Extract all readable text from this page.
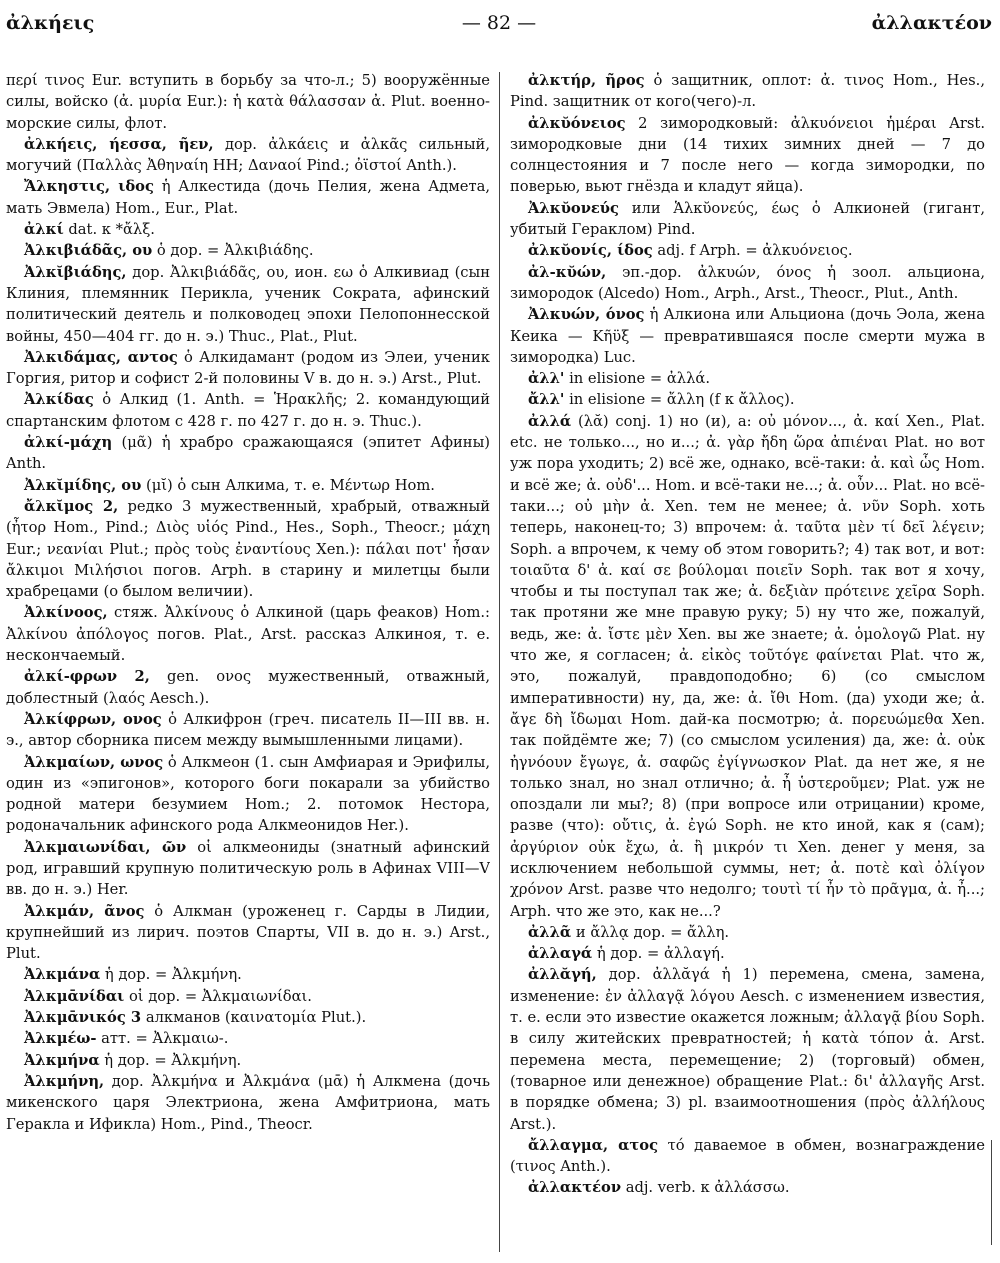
ἀλκήεις	— 82 —	ἀλλακτέον

περί τινος Eur. вступить в борьбу за что-л.; 5) вооружённые силы, войско (ἀ. μυρία Eur.): ἡ κατὰ θάλασσαν ἀ. Plut. военно-морские силы, флот.

ἀλκήεις, ήεσσα, ῆεν, дор. ἀλκάεις и ἀλκᾶς сильный, могучий (Παλλὰς Ἀθηναίη HH; Δαναοί Pind.; ὀϊστοί Anth.).

Ἄλκηστις, ιδος ἡ Алкестида (дочь Пелия, жена Адмета, мать Эвмела) Hom., Eur., Plat.

ἀλκί dat. к *ἄλξ.

Ἀλκιβιάδᾶς, ου ὁ дор. = Ἀλκιβιάδης.

Ἀλκῐβιάδης, дор. Ἀλκιβιάδᾶς, ου, ион. εω ὁ Алкивиад (сын Клиния, племянник Перикла, ученик Сократа, афинский политический деятель и полководец эпохи Пелопоннесской войны, 450—404 гг. до н. э.) Thuc., Plat., Plut.

Ἀλκιδάμας, αντος ὁ Алкидамант (родом из Элеи, ученик Горгия, ритор и софист 2-й половины V в. до н. э.) Arst., Plut.

Ἀλκίδας ὁ Алкид (1. Anth. = Ἡρακλῆς; 2. командующий спартанским флотом с 428 г. по 427 г. до н. э. Thuc.).

ἀλκί-μάχη (μᾶ) ἡ храбро сражающаяся (эпитет Афины) Anth.

Ἀλκῐμίδης, ου (μῐ) ὁ сын Алкима, т. е. Μέντωρ Hom.

ἄλκῐμος 2, редко 3 мужественный, храбрый, отважный (ἦτορ Hom., Pind.; Διὸς υἱός Pind., Hes., Soph., Theocr.; μάχη Eur.; νεανίαι Plut.; πρὸς τοὺς ἐναντίους Xen.): πάλαι ποτ' ἦσαν ἄλκιμοι Μιλήσιοι погов. Arph. в старину и милетцы были храбрецами (о былом величии).

Ἀλκίνοος, стяж. Ἀλκίνους ὁ Алкиной (царь феаков) Hom.: Ἀλκίνου ἀπόλογος погов. Plat., Arst. рассказ Алкиноя, т. е. нескончаемый.

ἀλκί-φρων 2, gen. ονος мужественный, отважный, доблестный (λαός Aesch.).

Ἀλκίφρων, ονος ὁ Алкифрон (греч. писатель II—III вв. н. э., автор сборника писем между вымышленными лицами).

Ἀλκμαίων, ωνος ὁ Алкмеон (1. сын Амфиарая и Эрифилы, один из «эпигонов», которого боги покарали за убийство родной матери безумием Hom.; 2. потомок Нестора, родоначальник афинского рода Алкмеонидов Her.).

Ἀλκμαιωνίδαι, ῶν οἱ алкмеониды (знатный афинский род, игравший крупную политическую роль в Афинах VIII—V вв. до н. э.) Her.

Ἀλκμάν, ᾶνος ὁ Алкман (уроженец г. Сарды в Лидии, крупнейший из лирич. поэтов Спарты, VII в. до н. э.) Arst., Plut.

Ἀλκμάνα ἡ дор. = Ἀλκμήνη.

Ἀλκμᾱνίδαι οἱ дор. = Ἀλκμαιωνίδαι.

Ἀλκμᾱνικός 3 алкманов (καινατομία Plut.).

Ἀλκμέω- атт. = Ἀλκμαιω-.

Ἀλκμήνα ἡ дор. = Ἀλκμήνη.

Ἀλκμήνη, дор. Ἀλκμήνα и Ἀλκμάνα (μᾱ) ἡ Алкмена (дочь микенского царя Электриона, жена Амфитриона, мать Геракла и Ификла) Hom., Pind., Theocr.

ἀλκτήρ, ῆρος ὁ защитник, оплот: ἀ. τινος Hom., Hes., Pind. защитник от кого(чего)-л.

ἀλκῠόνειος 2 зимородковый: ἀλκυόνειοι ἡμέραι Arst. зимородковые дни (14 тихих зимних дней — 7 до солнцестояния и 7 после него — когда зимородки, по поверью, вьют гнёзда и кладут яйца).

Ἀλκῠονεύς или Ἁλκῠονεύς, έως ὁ Алкионей (гигант, убитый Гераклом) Pind.

ἀλκῠονίς, ίδος adj. f Arph. = ἀλκυόνειος.

ἀλ-κῠών, эп.-дор. ἀλκυών, όνος ἡ зоол. альциона, зимородок (Alcedo) Hom., Arph., Arst., Theocr., Plut., Anth.

Ἀλκυών, όνος ἡ Алкиона или Альциона (дочь Эола, жена Кеика — Κῆϋξ — превратившаяся после смерти мужа в зимородка) Luc.

ἀλλ' in elisione = ἀλλά.

ἄλλ' in elisione = ἄλλη (f к ἄλλος).

ἀλλά (λᾰ) conj. 1) но (и), а: οὐ μόνον..., ἀ. καί Xen., Plat. etc. не только..., но и...; ἀ. γὰρ ἤδη ὥρα ἀπιέναι Plat. но вот уж пора уходить; 2) всё же, однако, всё-таки: ἀ. καὶ ὧς Hom. и всё же; ἀ. οὐδ'... Hom. и всё-таки не...; ἀ. οὖν... Plat. но всё-таки...; οὐ μὴν ἀ. Xen. тем не менее; ἀ. νῦν Soph. хоть теперь, наконец-то; 3) впрочем: ἀ. ταῦτα μὲν τί δεῖ λέγειν; Soph. а впрочем, к чему об этом говорить?; 4) так вот, и вот: τοιαῦτα δ' ἀ. καί σε βούλομαι ποιεῖν Soph. так вот я хочу, чтобы и ты поступал так же; ἀ. δεξιὰν πρότεινε χεῖρα Soph. так протяни же мне правую руку; 5) ну что же, пожалуй, ведь, же: ἀ. ἴστε μὲν Xen. вы же знаете; ἀ. ὁμολογῶ Plat. ну что же, я согласен; ἀ. εἰκὸς τοῦτόγε φαίνεται Plat. что ж, это, пожалуй, правдоподобно; 6) (со смыслом императивности) ну, да, же: ἀ. ἴθι Hom. (да) уходи же; ἀ. ἄγε δὴ ἴδωμαι Hom. дай-ка посмотрю; ἀ. πορευώμεθα Xen. так пойдёмте же; 7) (со смыслом усиления) да, же: ἀ. οὐκ ἠγνόουν ἔγωγε, ἀ. σαφῶς ἐγίγνωσκον Plat. да нет же, я не только знал, но знал отлично; ἀ. ἦ ὑστεροῦμεν; Plat. уж не опоздали ли мы?; 8) (при вопросе или отрицании) кроме, разве (что): οὔτις, ἀ. ἐγώ Soph. не кто иной, как я (сам); ἀργύριον οὐκ ἔχω, ἀ. ἢ μικρόν τι Xen. денег у меня, за исключением небольшой суммы, нет; ἀ. ποτὲ καὶ ὀλίγον χρόνον Arst. разве что недолго; τουτὶ τί ἦν τὸ πρᾶγμα, ἀ. ἦ...; Arph. что же это, как не...?

ἀλλᾶ и ἄλλᾳ дор. = ἄλλη.

ἀλλαγά ἡ дор. = ἀλλαγή.

ἀλλᾰγή, дор. ἀλλᾰγά ἡ 1) перемена, смена, замена, изменение: ἐν ἀλλαγᾷ λόγου Aesch. с изменением известия, т. е. если это известие окажется ложным; ἀλλαγᾷ βίου Soph. в силу житейских превратностей; ἡ κατὰ τόπον ἀ. Arst. перемена места, перемещение; 2) (торговый) обмен, (товарное или денежное) обращение Plat.: δι' ἀλλαγῆς Arst. в порядке обмена; 3) pl. взаимоотношения (πρὸς ἀλλήλους Arst.).

ἄλλαγμα, ατος τό даваемое в обмен, вознаграждение (τινος Anth.).

ἀλλακτέον adj. verb. к ἀλλάσσω.
